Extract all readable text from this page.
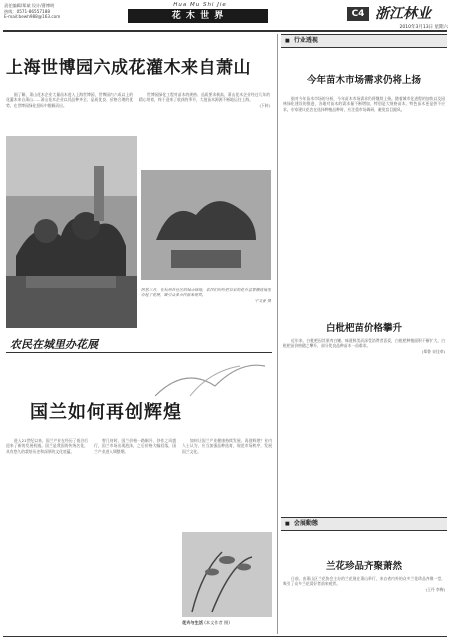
责任编辑/郑斌 设计/曹博明
热线：0571-86557188
E-mail:bewh988@163.com
Hua Mu Shi Jie
花 木 世 界	C4 浙江林业
2010年3月13日 星期六
上海世博园六成花灌木来自萧山

据了解，萧山花木企业大量苗木进入上海世博园，世博园内六成以上的花灌木来自萧山……萧山花木企业以其品种齐全、品质优良、价格合理的优势，在世博园绿化招标中脱颖而出。

世博园绿化工程对苗木的规格、品质要求极高，萧山花木企业经过几年的精心培育，终于迎来了收获的季节，大批苗木源源不断地运往上海。

(下转)
农民在城里办花展
阿基三月，在杭州各社区的城市绿地，农民们纷纷把自家的花卉盆景搬进城里办起了花展，吸引众多市民前来观赏。
宁文要 摄
国兰如何再创辉煌

进入21世纪以来，国兰产业在经历了低谷后迎来了新的发展机遇。国兰是我国的传统名花，具有悠久的栽培历史和深厚的文化底蕴。

曾几何时，国兰价格一路飙升，炒作之风盛行，国兰市场出现泡沫，之后价格大幅回落，国兰产业进入调整期。

如何让国兰产业健康持续发展，再创辉煌？业内人士认为，应当加强品种选育，规范市场秩序，发展国兰文化。

花卉与生活 (本文作者 摄)
■ 行业透视
今年苗木市场需求仍将上扬

据对今年苗木市场的分析，今年苗木市场需求仍将继续上扬。随着城市化进程的加快以及园林绿化建设的推进，各地对苗木的需求量不断增加，特别是大规格苗木、特色苗木更是供不应求。专家建议花农在选择种植品种时，应注重市场调研，避免盲目跟风。

白枇杷苗价格攀升

近年来，白枇杷因其果肉白嫩、味道鲜美而深受消费者喜爱，白枇杷种植面积不断扩大，白枇杷苗价格随之攀升，部分优良品种苗木一苗难求。

(郑鲁 宋佳奉)
■ 会展動態
兰花珍品齐聚萧然

日前，由萧山区兰花协会主办的兰花展在萧山举行，来自省内外的众多兰花珍品齐聚一堂，吸引了众多兰花爱好者前来观赏。

(王丹 李梅)
